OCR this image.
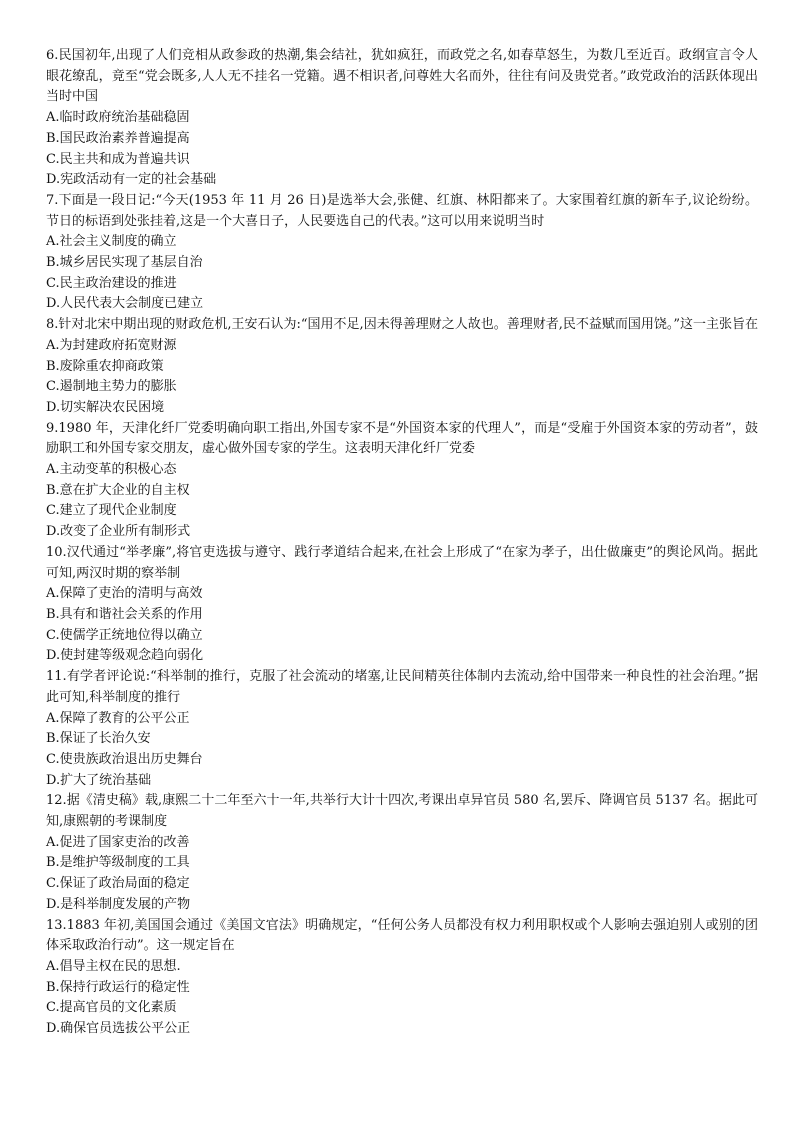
6.民国初年,出现了人们竞相从政参政的热潮,集会结社，犹如疯狂，而政党之名,如春草怒生，为数几至近百。政纲宣言令人眼花缭乱，竟至“党会既多,人人无不挂名一党籍。遇不相识者,问尊姓大名而外，往往有问及贵党者。”政党政治的活跃体现出当时中国

A.临时政府统治基础稳固

B.国民政治素养普遍提高

C.民主共和成为普遍共识

D.宪政活动有一定的社会基础

7.下面是一段日记:“今天(1953 年 11 月 26 日)是选举大会,张健、红旗、林阳都来了。大家围着红旗的新车子,议论纷纷。节日的标语到处张挂着,这是一个大喜日子，人民要选自己的代表。”这可以用来说明当时

A.社会主义制度的确立

B.城乡居民实现了基层自治

C.民主政治建设的推进

D.人民代表大会制度已建立

8.针对北宋中期出现的财政危机,王安石认为:“国用不足,因未得善理财之人故也。善理财者,民不益赋而国用饶。”这一主张旨在

A.为封建政府拓宽财源

B.废除重农抑商政策

C.遏制地主势力的膨胀

D.切实解决农民困境

9.1980 年，天津化纤厂党委明确向职工指出,外国专家不是“外国资本家的代理人”，而是“受雇于外国资本家的劳动者”，鼓励职工和外国专家交朋友，虚心做外国专家的学生。这表明天津化纤厂党委

A.主动变革的积极心态

B.意在扩大企业的自主权

C.建立了现代企业制度

D.改变了企业所有制形式

10.汉代通过“举孝廉”,将官吏选拔与遵守、践行孝道结合起来,在社会上形成了“在家为孝子，出仕做廉吏”的舆论风尚。据此可知,两汉时期的察举制

A.保障了吏治的清明与高效

B.具有和谐社会关系的作用

C.使儒学正统地位得以确立

D.使封建等级观念趋向弱化

11.有学者评论说:“科举制的推行，克服了社会流动的堵塞,让民间精英往体制内去流动,给中国带来一种良性的社会治理。”据此可知,科举制度的推行

A.保障了教育的公平公正

B.保证了长治久安

C.使贵族政治退出历史舞台

D.扩大了统治基础

12.据《清史稿》载,康熙二十二年至六十一年,共举行大计十四次,考课出卓异官员 580 名,罢斥、降调官员 5137 名。据此可知,康熙朝的考课制度

A.促进了国家吏治的改善

B.是维护等级制度的工具

C.保证了政治局面的稳定

D.是科举制度发展的产物

13.1883 年初,美国国会通过《美国文官法》明确规定，“任何公务人员都没有权力利用职权或个人影响去强迫别人或别的团体采取政治行动”。这一规定旨在

A.倡导主权在民的思想.

B.保持行政运行的稳定性

C.提高官员的文化素质

D.确保官员选拔公平公正
